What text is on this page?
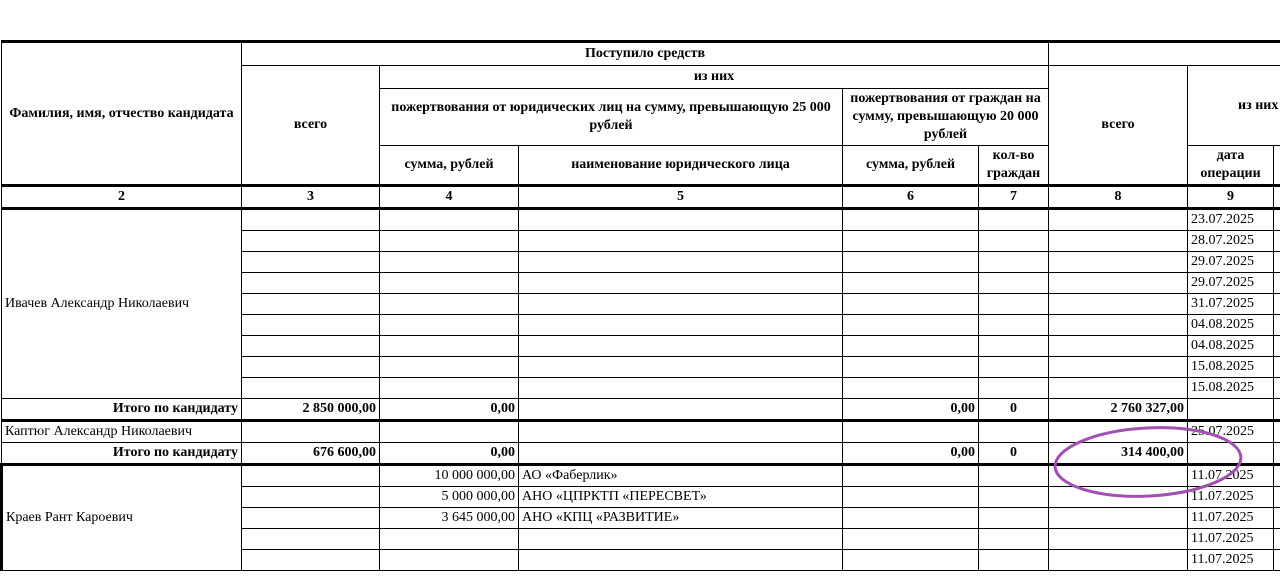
Фамилия, имя, отчество кандидата	Поступило средств							
	всего	из них				всего	из них	
		пожертвования от юридических лиц на сумму, превышающую 25 000 рублей		пожертвования от граждан на сумму, превышающую 20 000 рублей				
		сумма, рублей	наименование юридического лица	сумма, рублей	кол-во граждан		дата операции	
2	3	4	5	6	7	8	9	
Ивачев Александр Николаевич							23.07.2025	
							28.07.2025	
							29.07.2025	
							29.07.2025	
							31.07.2025	
							04.08.2025	
							04.08.2025	
							15.08.2025	
							15.08.2025	
Итого по кандидату	2 850 000,00	0,00		0,00	0	2 760 327,00		
Каптюг Александр Николаевич							25.07.2025	
Итого по кандидату	676 600,00	0,00		0,00	0	314 400,00		
Краев Рант Кароевич		10 000 000,00	АО «Фаберлик»				11.07.2025	
		5 000 000,00	АНО «ЦПРКТП «ПЕРЕСВЕТ»				11.07.2025	
		3 645 000,00	АНО «КПЦ «РАЗВИТИЕ»				11.07.2025	
							11.07.2025	
							11.07.2025	
